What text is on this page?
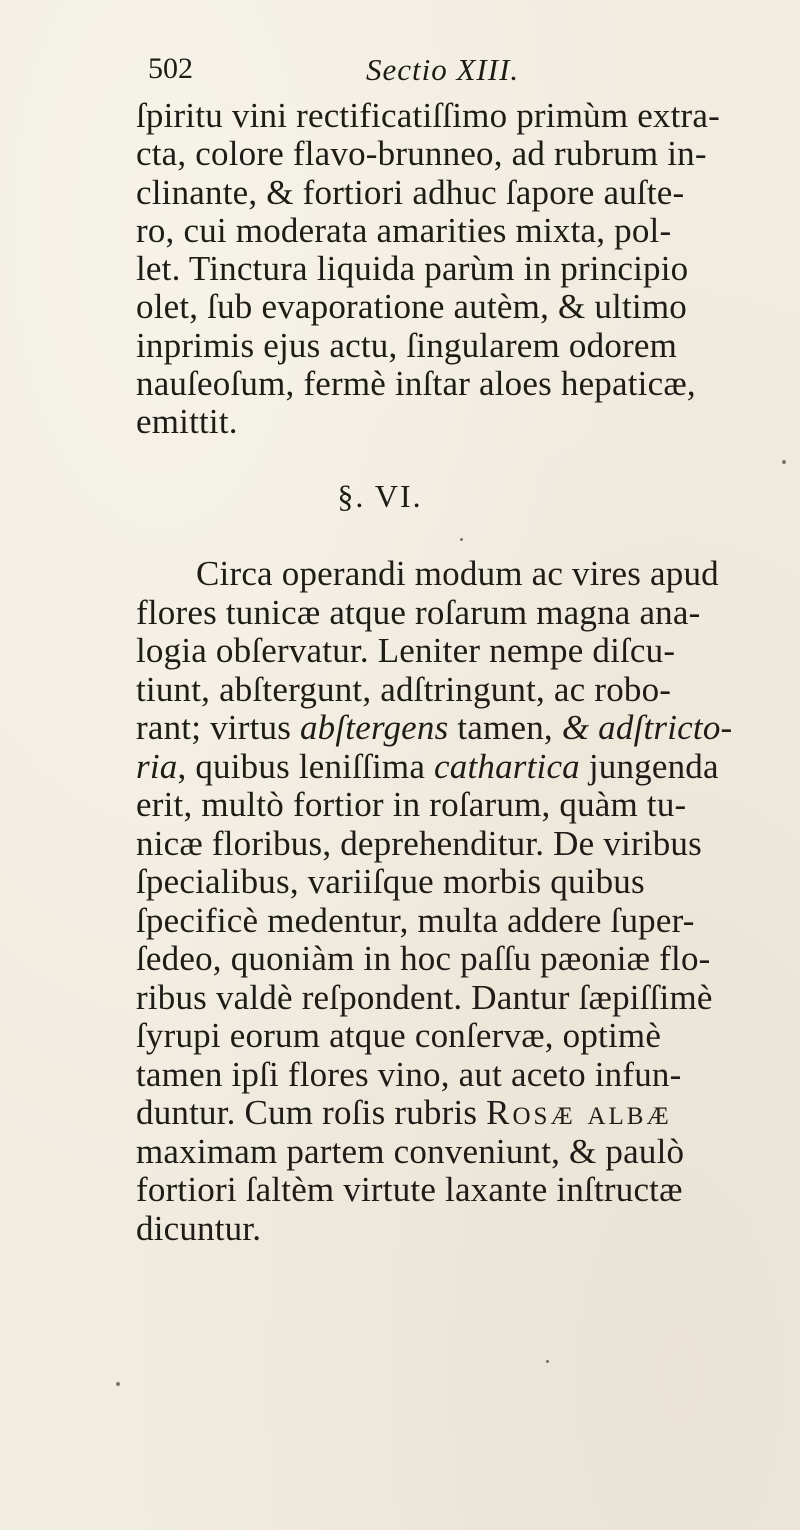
502	Sectio XIII.
ſpiritu vini rectificatiſſimo primùm extra-
cta, colore flavo-brunneo, ad rubrum in-
clinante, & fortiori adhuc ſapore auſte-
ro, cui moderata amarities mixta, pol-
let. Tinctura liquida parùm in principio
olet, ſub evaporatione autèm, & ultimo
inprimis ejus actu, ſingularem odorem
nauſeoſum, fermè inſtar aloes hepaticæ,
emittit.
§. VI.
Circa operandi modum ac vires apud
flores tunicæ atque roſarum magna ana-
logia obſervatur. Leniter nempe diſcu-
tiunt, abſtergunt, adſtringunt, ac robo-
rant; virtus abſtergens tamen, & adſtricto-
ria, quibus leniſſima cathartica jungenda
erit, multò fortior in roſarum, quàm tu-
nicæ floribus, deprehenditur. De viribus
ſpecialibus, variiſque morbis quibus
ſpecificè medentur, multa addere ſuper-
ſedeo, quoniàm in hoc paſſu pæoniæ flo-
ribus valdè reſpondent. Dantur ſæpiſſimè
ſyrupi eorum atque conſervæ, optimè
tamen ipſi flores vino, aut aceto infun-
duntur. Cum roſis rubris Rosæ albæ
maximam partem conveniunt, & paulò
fortiori ſaltèm virtute laxante inſtructæ
dicuntur.
